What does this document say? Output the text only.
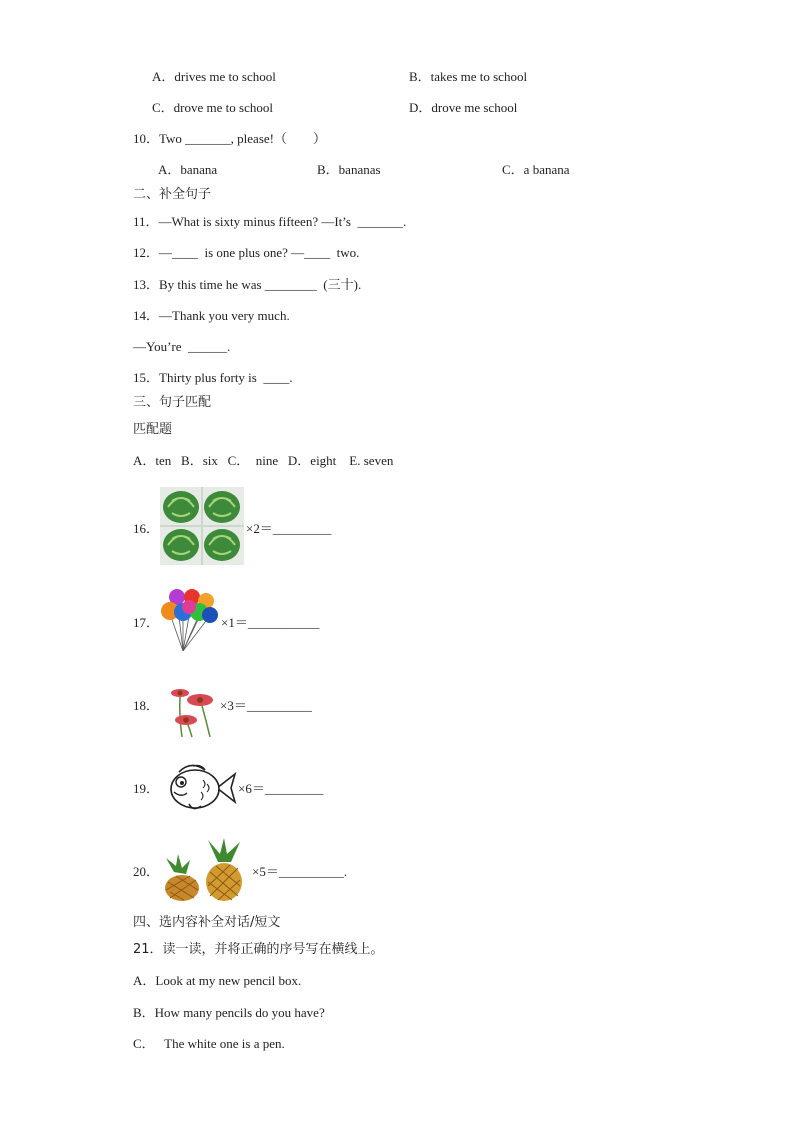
A．drives me to school	B．takes me to school
C．drove me to school	D．drove me school
10．Two _______, please!（　　）
A．banana	B．bananas	C．a banana
二、补全句子
11．—What is sixty minus fifteen? —It’s  _______.
12．—____  is one plus one? —____  two.
13．By this time he was ________  (三十).
14．—Thank you very much.
—You’re  ______.
15．Thirty plus forty is  ____.
三、句子匹配
匹配题
A．ten   B．six   C．  nine   D．eight    E. seven
16．	×2＝_________
17．	×1＝___________
18．	×3＝__________
19．	×6＝_________
20．	×5＝__________.
四、选内容补全对话/短文
21．读一读，并将正确的序号写在横线上。
A．Look at my new pencil box.
B．How many pencils do you have?
C．   The white one is a pen.
